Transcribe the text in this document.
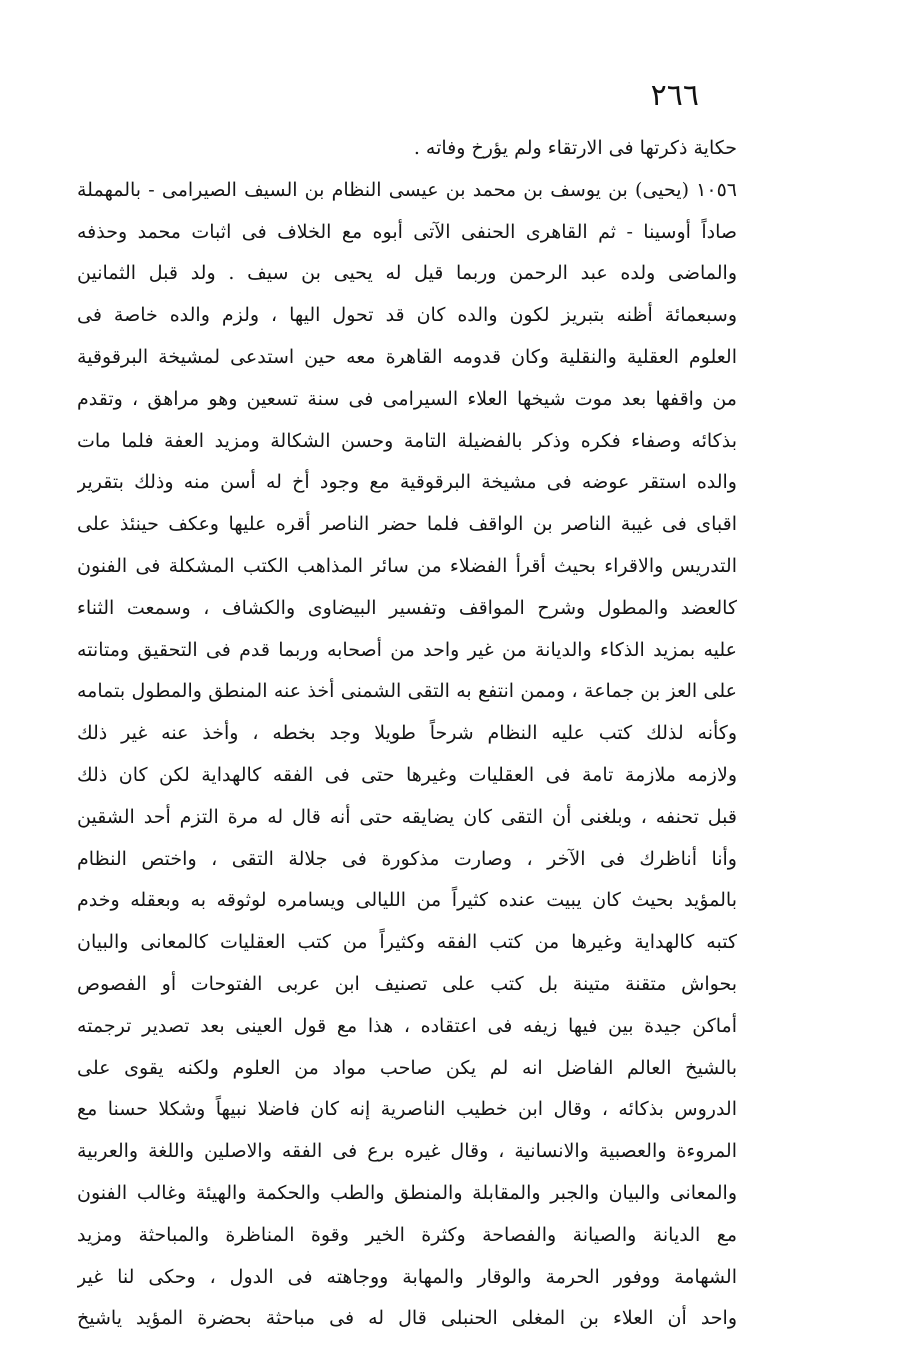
٢٦٦
حكاية ذكرتها فى الارتقاء ولم يؤرخ وفاته .
١٠٥٦ (يحيى) بن يوسف بن محمد بن عيسى النظام بن السيف الصيرامى - بالمهملة
صاداً أوسينا - ثم القاهرى الحنفى الآتى أبوه مع الخلاف فى اثبات محمد وحذفه
والماضى ولده عبد الرحمن وربما قيل له يحيى بن سيف . ولد قبل الثمانين
وسبعمائة أظنه بتبريز لكون والده كان قد تحول اليها ، ولزم والده خاصة فى
العلوم العقلية والنقلية وكان قدومه القاهرة معه حين استدعى لمشيخة البرقوقية
من واقفها بعد موت شيخها العلاء السيرامى فى سنة تسعين وهو مراهق ، وتقدم
بذكائه وصفاء فكره وذكر بالفضيلة التامة وحسن الشكالة ومزيد العفة فلما مات
والده استقر عوضه فى مشيخة البرقوقية مع وجود أخ له أسن منه وذلك بتقرير
اقبای فی غيبة الناصر بن الواقف فلما حضر الناصر أقره عليها وعكف حينئذ على
التدريس والاقراء بحيث أقرأ الفضلاء من سائر المذاهب الكتب المشكلة فى الفنون
كالعضد والمطول وشرح المواقف وتفسير البيضاوى والكشاف ، وسمعت الثناء
عليه بمزيد الذكاء والديانة من غير واحد من أصحابه وربما قدم فى التحقيق ومتانته
على العز بن جماعة ، وممن انتفع به التقى الشمنى أخذ عنه المنطق والمطول بتمامه
وكأنه لذلك كتب عليه النظام شرحاً طويلا وجد بخطه ، وأخذ عنه غير ذلك
ولازمه ملازمة تامة فى العقليات وغيرها حتى فى الفقه كالهداية لكن كان ذلك
قبل تحنفه ، وبلغنى أن التقى كان يضايقه حتى أنه قال له مرة التزم أحد الشقين
وأنا أناظرك فى الآخر ، وصارت مذكورة فى جلالة التقى ، واختص النظام
بالمؤيد بحيث كان يبيت عنده كثيراً من الليالى ويسامره لوثوقه به وبعقله وخدم
كتبه كالهداية وغيرها من كتب الفقه وكثيراً من كتب العقليات كالمعانى والبيان
بحواش متقنة متينة بل كتب على تصنيف ابن عربى الفتوحات أو الفصوص
أماكن جيدة بين فيها زيفه فى اعتقاده ، هذا مع قول العينى بعد تصدير ترجمته
بالشيخ العالم الفاضل انه لم يكن صاحب مواد من العلوم ولكنه يقوى على
الدروس بذكائه ، وقال ابن خطيب الناصرية إنه كان فاضلا نبيهاً وشكلا حسنا مع
المروءة والعصبية والانسانية ، وقال غيره برع فى الفقه والاصلين واللغة والعربية
والمعانى والبيان والجبر والمقابلة والمنطق والطب والحكمة والهيئة وغالب الفنون
مع الديانة والصيانة والفصاحة وكثرة الخير وقوة المناظرة والمباحثة ومزيد
الشهامة ووفور الحرمة والوقار والمهابة ووجاهته فى الدول ، وحكى لنا غير
واحد أن العلاء بن المغلى الحنبلى قال له فى مباحثة بحضرة المؤيد ياشيخ
